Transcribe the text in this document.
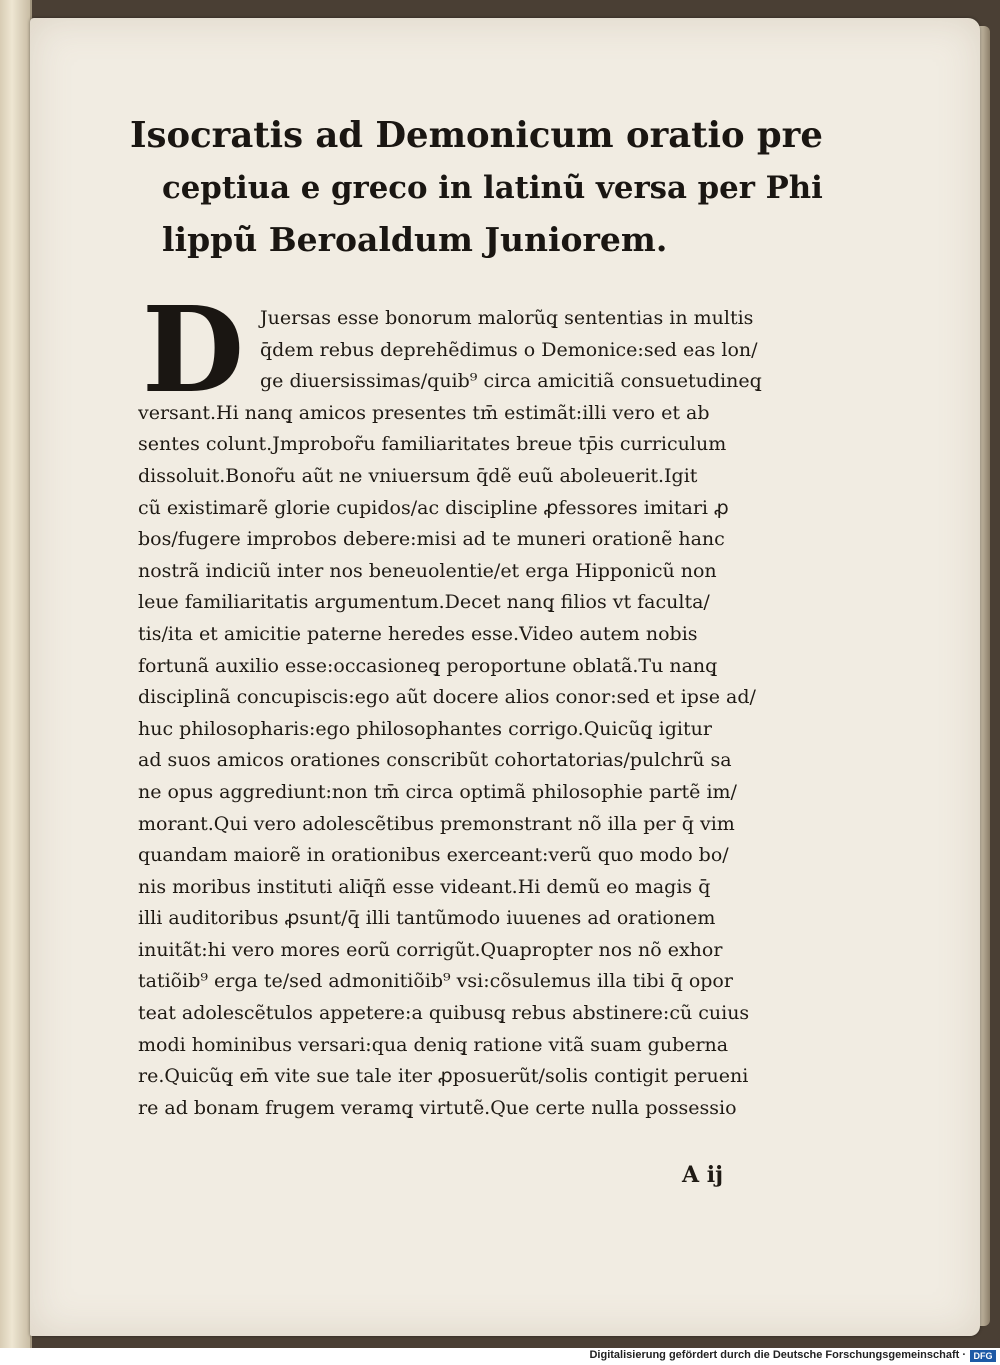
Isocratis ad Demonicum oratio pre
ceptiua e greco in latinũ versa per Phi
lippũ Beroaldum Juniorem.
D Juersas esse bonorum malorũq̧ sententias in multis
q̄dem rebus deprehẽdimus o Demonice:sed eas lon/
ge diuersissimas/quib⁹ circa amicitiã consuetudineq̧
versant.Hi nanq̧ amicos presentes tm̄ estimãt:illi vero et ab
sentes colunt.Jmprobor̃u familiaritates breue tp̄is curriculum
dissoluit.Bonor̃u aũt ne vniuersum q̄dẽ euũ aboleuerit.Igit
cũ existimarẽ glorie cupidos/ac discipline ꝓfessores imitari ꝓ
bos/fugere improbos debere:misi ad te muneri orationẽ hanc
nostrã indiciũ inter nos beneuolentie/et erga Hipponicũ non
leue familiaritatis argumentum.Decet nanq̧ filios vt faculta/
tis/ita et amicitie paterne heredes esse.Video autem nobis
fortunã auxilio esse:occasioneq̧ peroportune oblatã.Tu nanq̧
disciplinã concupiscis:ego aũt docere alios conor:sed et ipse ad/
huc philosopharis:ego philosophantes corrigo.Quicũq̧ igitur
ad suos amicos orationes conscribũt cohortatorias/pulchrũ sa
ne opus aggrediunt:non tm̄ circa optimã philosophie partẽ im/
morant.Qui vero adolescẽtibus premonstrant nõ illa per q̄ vim
quandam maiorẽ in orationibus exerceant:verũ quo modo bo/
nis moribus instituti aliq̄ñ esse videant.Hi demũ eo magis q̄
illi auditoribus ꝓsunt/q̄ illi tantũmodo iuuenes ad orationem
inuitãt:hi vero mores eorũ corrigũt.Quapropter nos nõ exhor
tatiõib⁹ erga te/sed admonitiõib⁹ vsi:cõsulemus illa tibi q̄ opor
teat adolescẽtulos appetere:a quibusq̧ rebus abstinere:cũ cuius
modi hominibus versari:qua deniq̧ ratione vitã suam guberna
re.Quicũq̧ em̄ vite sue tale iter ꝓposuerũt/solis contigit perueni
re ad bonam frugem veramq̧ virtutẽ.Que certe nulla possessio
A ij
Digitalisierung gefördert durch die Deutsche Forschungsgemeinschaft · DFG
